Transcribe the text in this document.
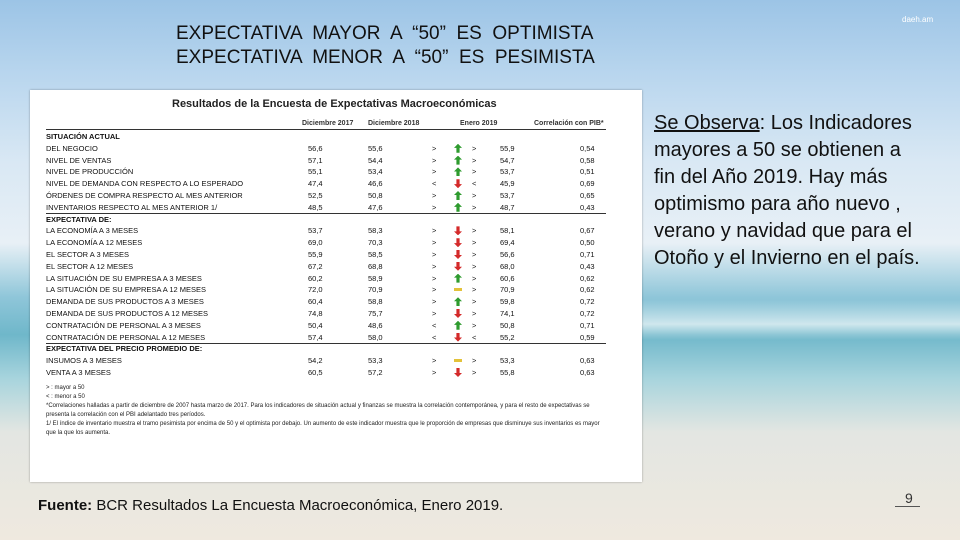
EXPECTATIVA  MAYOR  A  “50”  ES  OPTIMISTA
EXPECTATIVA  MENOR  A  “50”  ES  PESIMISTA
daeh.am
Resultados de la Encuesta de Expectativas Macroeconómicas
Diciembre 2017 Diciembre 2018	Enero 2019	Correlación con PIB*
SITUACIÓN ACTUAL
DEL NEGOCIO	56,6	55,6	>	>	55,9	0,54
NIVEL DE VENTAS	57,1	54,4	>	>	54,7	0,58
NIVEL DE PRODUCCIÓN	55,1	53,4	>	>	53,7	0,51
NIVEL DE DEMANDA CON RESPECTO A LO ESPERADO	47,4	46,6	<	<	45,9	0,69
ÓRDENES DE COMPRA RESPECTO AL MES ANTERIOR	52,5	50,8	>	>	53,7	0,65
INVENTARIOS RESPECTO AL MES ANTERIOR 1/	48,5	47,6	>	>	48,7	0,43
EXPECTATIVA DE:
LA ECONOMÍA A 3 MESES	53,7	58,3	>	>	58,1	0,67
LA ECONOMÍA A 12 MESES	69,0	70,3	>	>	69,4	0,50
EL SECTOR A 3 MESES	55,9	58,5	>	>	56,6	0,71
EL SECTOR A 12 MESES	67,2	68,8	>	>	68,0	0,43
LA SITUACIÓN DE SU EMPRESA A 3 MESES	60,2	58,9	>	>	60,6	0,62
LA SITUACIÓN DE SU EMPRESA A 12 MESES	72,0	70,9	>	>	70,9	0,62
DEMANDA DE SUS PRODUCTOS A 3 MESES	60,4	58,8	>	>	59,8	0,72
DEMANDA DE SUS PRODUCTOS A 12 MESES	74,8	75,7	>	>	74,1	0,72
CONTRATACIÓN DE PERSONAL A 3 MESES	50,4	48,6	<	>	50,8	0,71
CONTRATACIÓN DE PERSONAL A 12 MESES	57,4	58,0	<	<	55,2	0,59
EXPECTATIVA DEL PRECIO PROMEDIO DE:
INSUMOS A 3 MESES	54,2	53,3	>	>	53,3	0,63
VENTA A 3 MESES	60,5	57,2	>	>	55,8	0,63
> : mayor a 50
< : menor a 50
*Correlaciones halladas a partir de diciembre de 2007 hasta marzo de 2017. Para los indicadores de situación actual y finanzas se muestra la correlación contemporánea, y para el resto de expectativas se presenta la correlación con el PBI adelantado tres períodos.
1/ El índice de inventario muestra el tramo pesimista por encima de 50 y el optimista por debajo. Un aumento de este indicador muestra que le proporción de empresas que disminuye sus inventarios es mayor que la que los aumenta.
Fuente: BCR Resultados La Encuesta Macroeconómica, Enero 2019.
Se Observa: Los Indicadores mayores a 50 se obtienen a fin del Año 2019. Hay más optimismo para año nuevo , verano y navidad que para el Otoño y el Invierno en el país.
9
